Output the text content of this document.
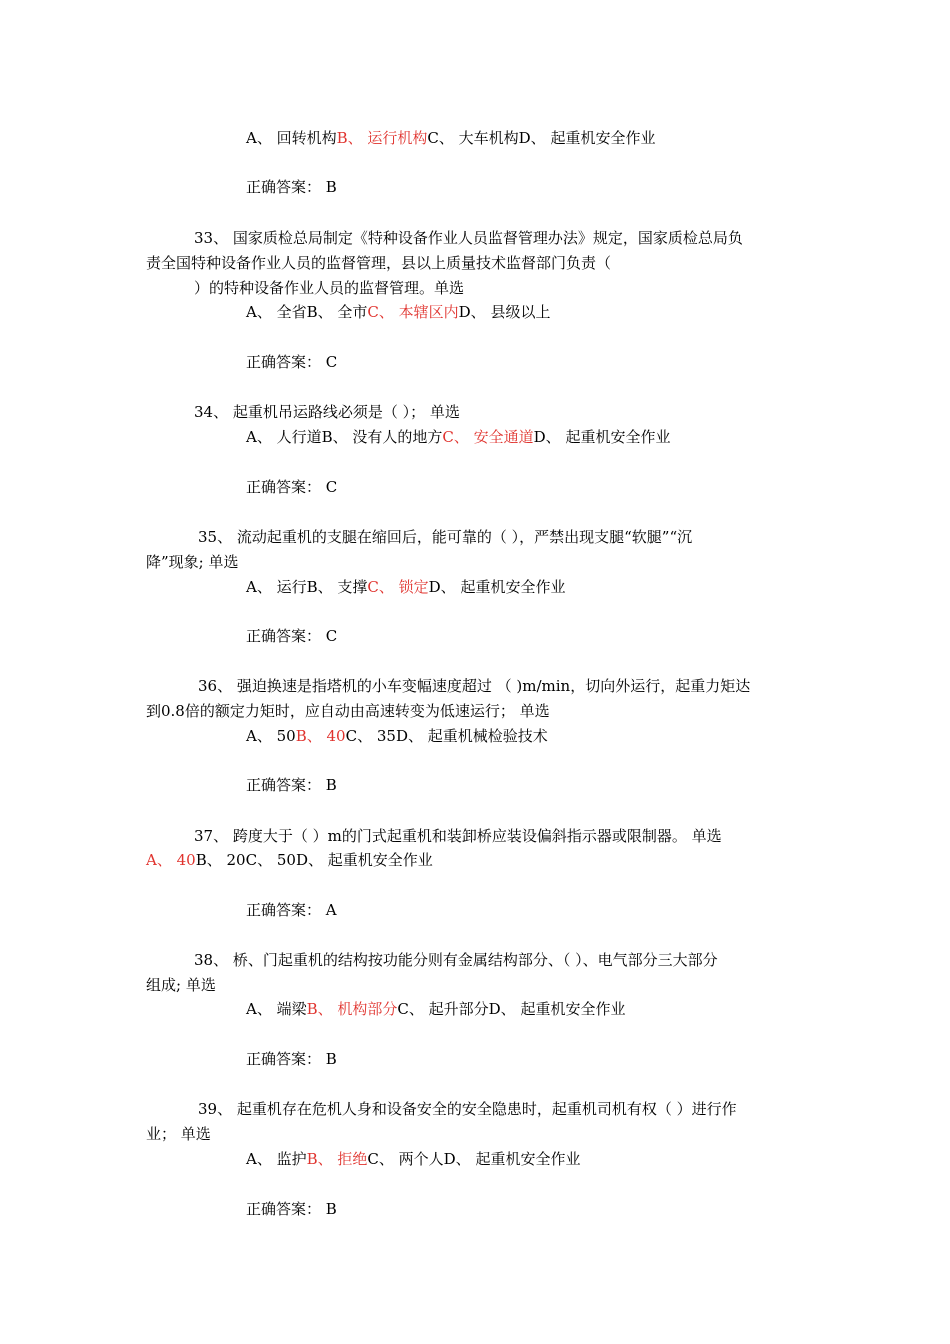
A、 回转机构B、 运行机构C、 大车机构D、 起重机安全作业
正确答案： B
33、 国家质检总局制定《特种设备作业人员监督管理办法》规定，国家质检总局负
责全国特种设备作业人员的监督管理，县以上质量技术监督部门负责（
）的特种设备作业人员的监督管理。单选
A、 全省B、 全市C、 本辖区内D、 县级以上
正确答案： C
34、 起重机吊运路线必须是（ ）； 单选
A、 人行道B、 没有人的地方C、 安全通道D、 起重机安全作业
正确答案： C
35、 流动起重机的支腿在缩回后，能可靠的（ ），严禁出现支腿“软腿”“沉
降”现象; 单选
A、 运行B、 支撑C、 锁定D、 起重机安全作业
正确答案： C
36、 强迫换速是指塔机的小车变幅速度超过 （ )m/min，切向外运行，起重力矩达
到0.8倍的额定力矩时，应自动由高速转变为低速运行； 单选
A、 50B、 40C、 35D、 起重机械检验技术
正确答案： B
37、 跨度大于（ ）m的门式起重机和装卸桥应装设偏斜指示器或限制器。 单选
A、 40B、 20C、 50D、 起重机安全作业
正确答案： A
38、 桥、门起重机的结构按功能分则有金属结构部分、（ ）、电气部分三大部分
组成; 单选
A、 端梁B、 机构部分C、 起升部分D、 起重机安全作业
正确答案： B
39、 起重机存在危机人身和设备安全的安全隐患时，起重机司机有权（ ）进行作
业； 单选
A、 监护B、 拒绝C、 两个人D、 起重机安全作业
正确答案： B
